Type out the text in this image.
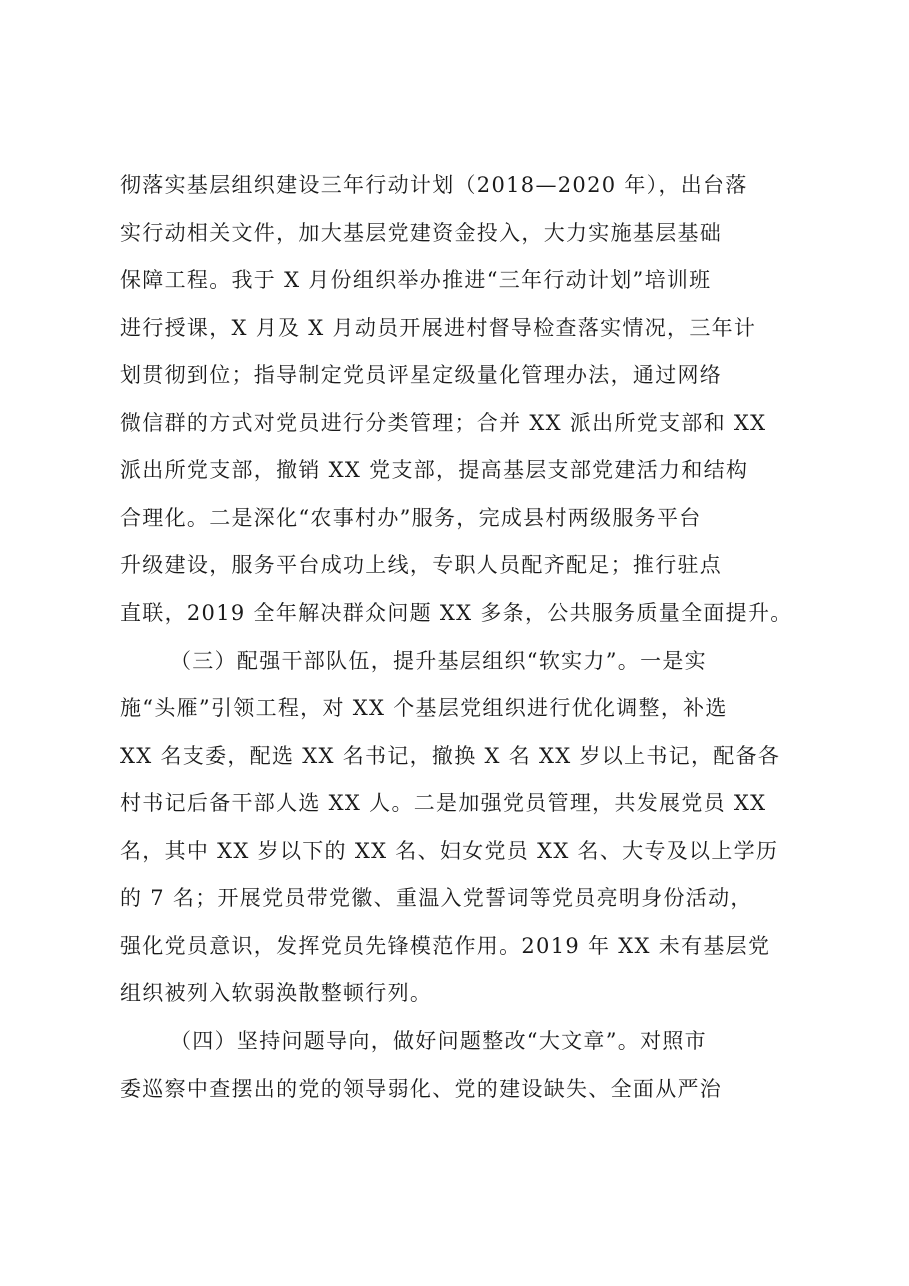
彻落实基层组织建设三年行动计划（2018—2020 年），出台落
实行动相关文件，加大基层党建资金投入，大力实施基层基础
保障工程。我于 X 月份组织举办推进“三年行动计划”培训班
进行授课，X 月及 X 月动员开展进村督导检查落实情况，三年计
划贯彻到位；指导制定党员评星定级量化管理办法，通过网络
微信群的方式对党员进行分类管理；合并 XX 派出所党支部和 XX
派出所党支部，撤销 XX 党支部，提高基层支部党建活力和结构
合理化。二是深化“农事村办”服务，完成县村两级服务平台
升级建设，服务平台成功上线，专职人员配齐配足；推行驻点
直联，2019 全年解决群众问题 XX 多条，公共服务质量全面提升。
（三）配强干部队伍，提升基层组织“软实力”。一是实
施“头雁”引领工程，对 XX 个基层党组织进行优化调整，补选
XX 名支委，配选 XX 名书记，撤换 X 名 XX 岁以上书记，配备各
村书记后备干部人选 XX 人。二是加强党员管理，共发展党员 XX
名，其中 XX 岁以下的 XX 名、妇女党员 XX 名、大专及以上学历
的 7 名；开展党员带党徽、重温入党誓词等党员亮明身份活动，
强化党员意识，发挥党员先锋模范作用。2019 年 XX 未有基层党
组织被列入软弱涣散整顿行列。
（四）坚持问题导向，做好问题整改“大文章”。对照市
委巡察中查摆出的党的领导弱化、党的建设缺失、全面从严治
